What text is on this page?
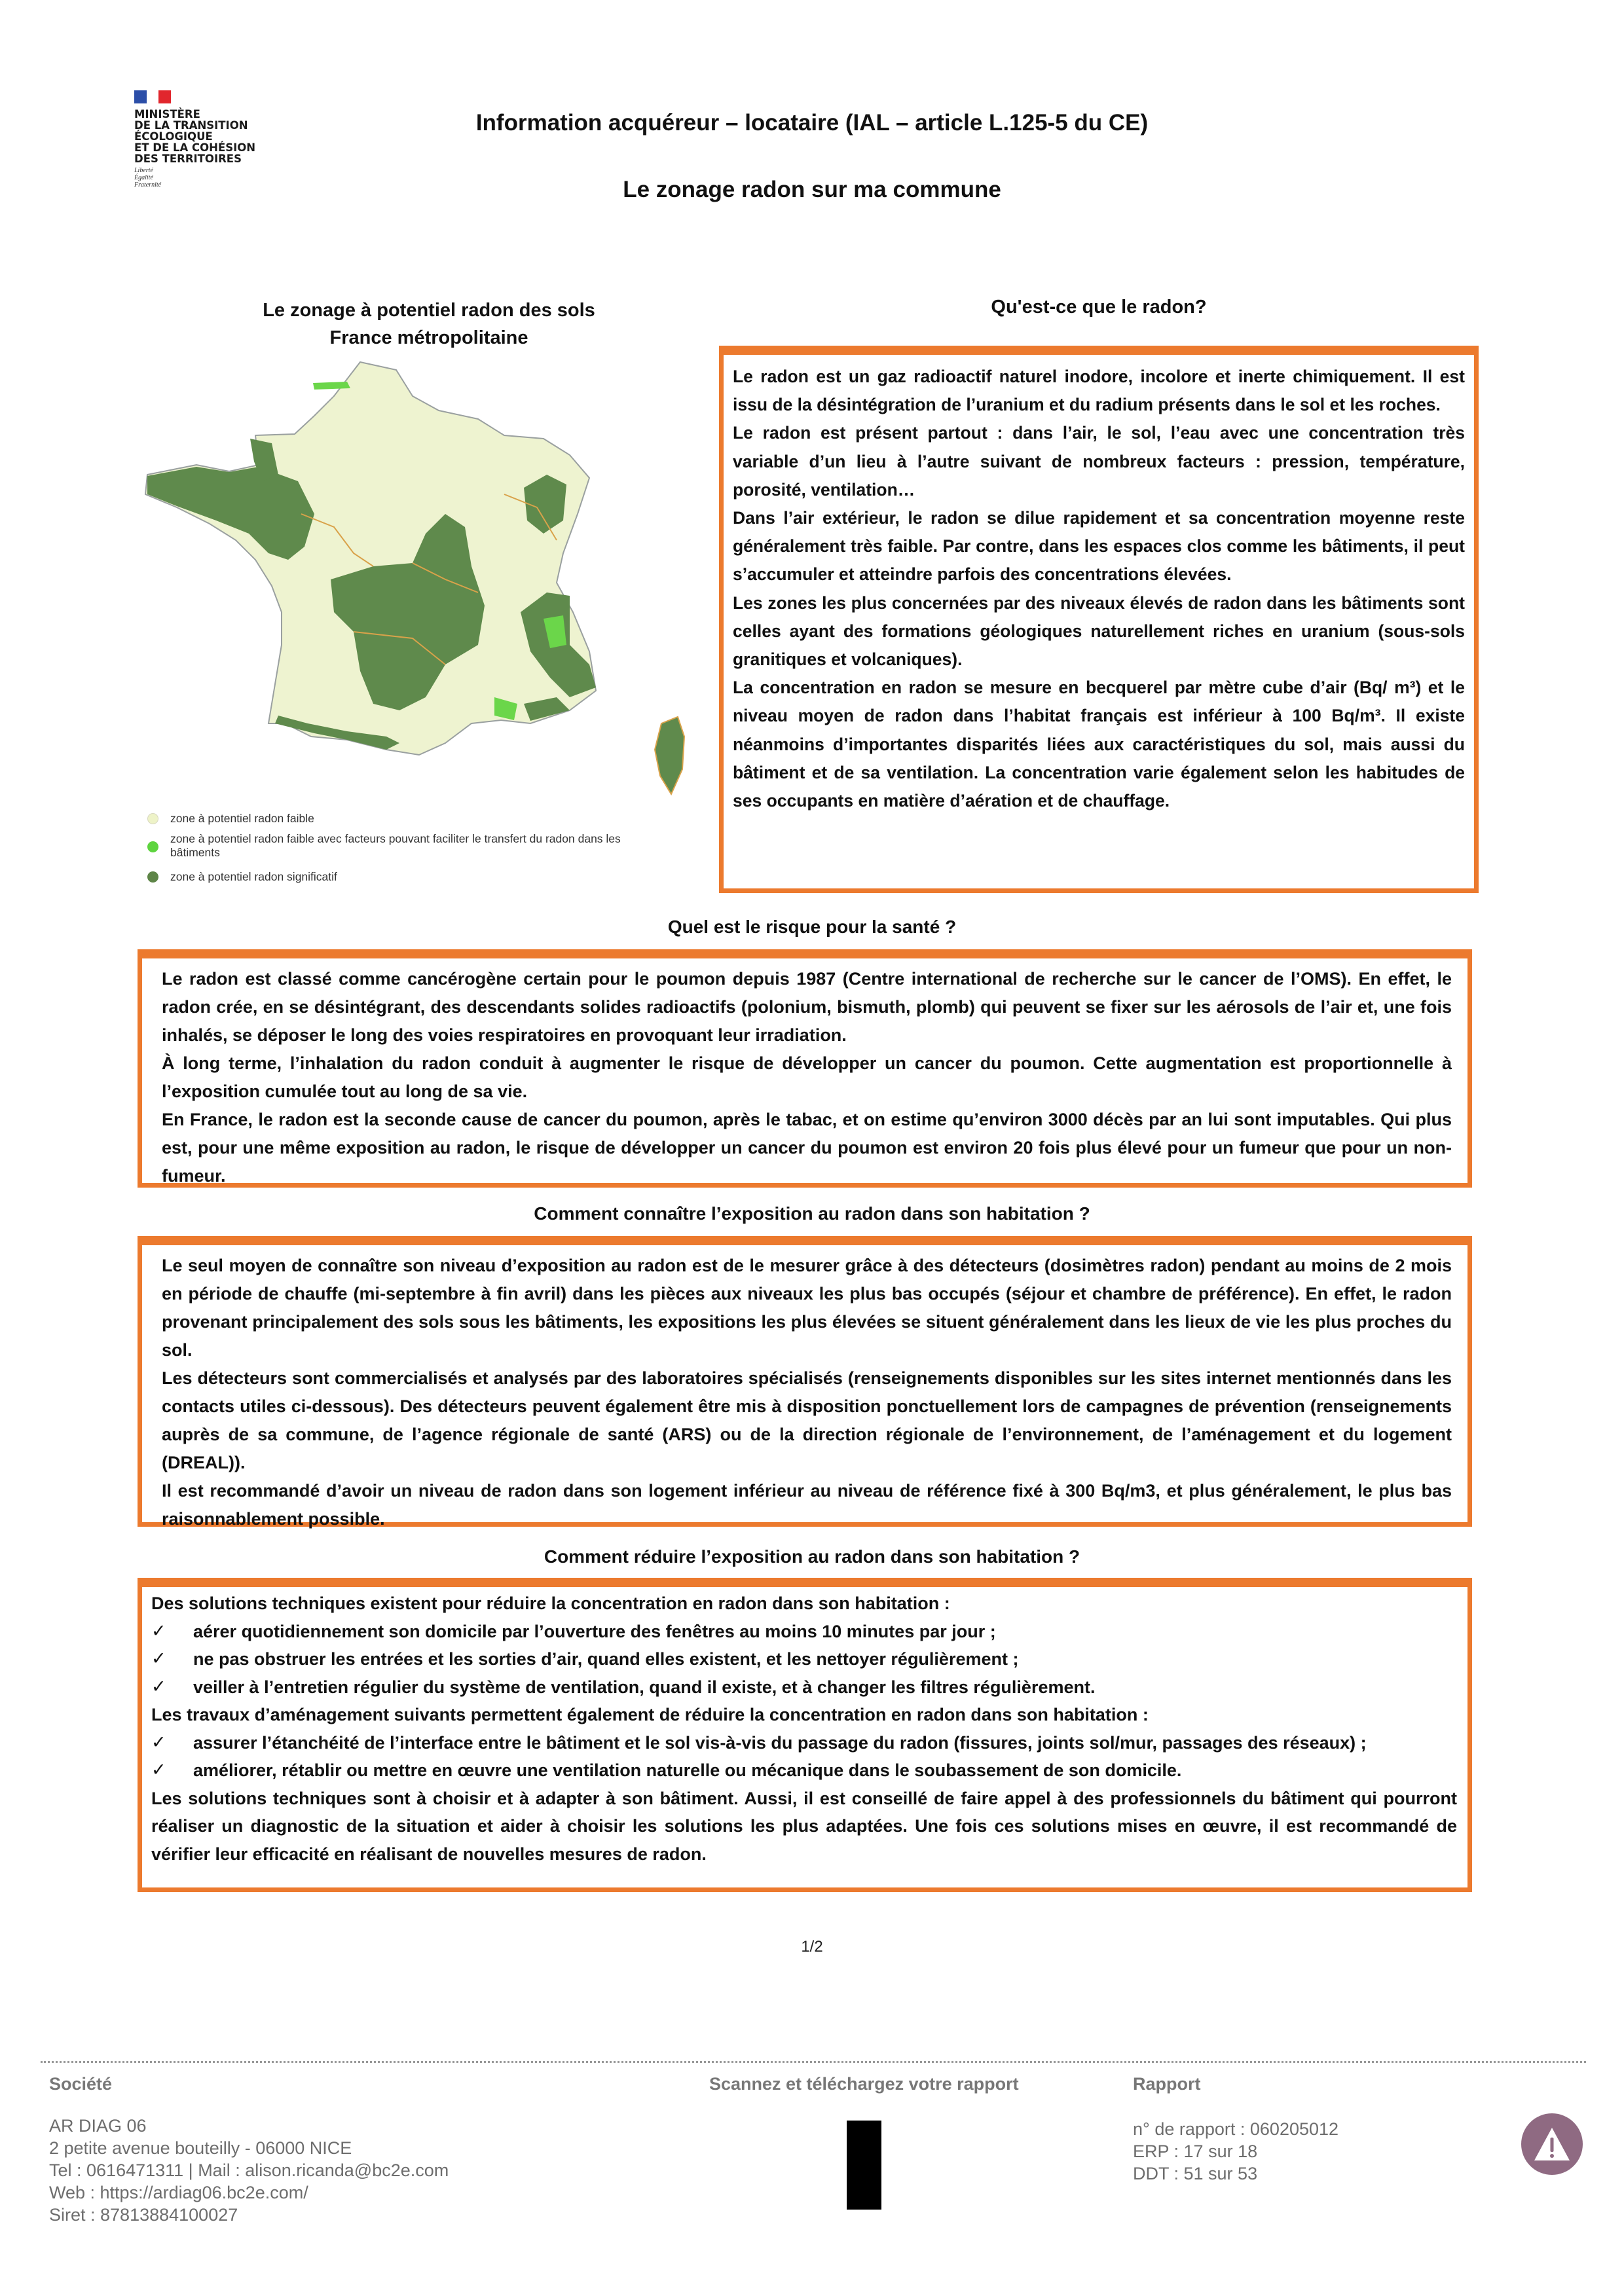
MINISTÈRE
DE LA TRANSITION
ÉCOLOGIQUE
ET DE LA COHÉSION
DES TERRITOIRES
Liberté
Égalité
Fraternité
Information acquéreur – locataire (IAL – article L.125-5 du CE)
Le zonage radon sur ma commune
Le zonage à potentiel radon des sols
France métropolitaine
zone à potentiel radon faible
zone à potentiel radon faible avec facteurs pouvant faciliter le transfert du radon dans les bâtiments
zone à potentiel radon significatif
Qu'est-ce que le radon?

Le radon est un gaz radioactif naturel inodore, incolore et inerte chimiquement. Il est issu de la désintégration de l’uranium et du radium présents dans le sol et les roches.

Le radon est présent partout : dans l’air, le sol, l’eau avec une concentration très variable d’un lieu à l’autre suivant de nombreux facteurs : pression, température, porosité, ventilation…

Dans l’air extérieur, le radon se dilue rapidement et sa concentration moyenne reste généralement très faible. Par contre, dans les espaces clos comme les bâtiments, il peut s’accumuler et atteindre parfois des concentrations élevées.

Les zones les plus concernées par des niveaux élevés de radon dans les bâtiments sont celles ayant des formations géologiques naturellement riches en uranium (sous-sols granitiques et volcaniques).

La concentration en radon se mesure en becquerel par mètre cube d’air (Bq/ m³) et le niveau moyen de radon dans l’habitat français est inférieur à 100 Bq/m³. Il existe néanmoins d’importantes disparités liées aux caractéristiques du sol, mais aussi du bâtiment et de sa ventilation. La concentration varie également selon les habitudes de ses occupants en matière d’aération et de chauffage.

Quel est le risque pour la santé ?

Le radon est classé comme cancérogène certain pour le poumon depuis 1987 (Centre international de recherche sur le cancer de l’OMS). En effet, le radon crée, en se désintégrant, des descendants solides radioactifs (polonium, bismuth, plomb) qui peuvent se fixer sur les aérosols de l’air et, une fois inhalés, se déposer le long des voies respiratoires en provoquant leur irradiation.

À long terme, l’inhalation du radon conduit à augmenter le risque de développer un cancer du poumon. Cette augmentation est proportionnelle à l’exposition cumulée tout au long de sa vie.

En France, le radon est la seconde cause de cancer du poumon, après le tabac, et on estime qu’environ 3000 décès par an lui sont imputables. Qui plus est, pour une même exposition au radon, le risque de développer un cancer du poumon est environ 20 fois plus élevé pour un fumeur que pour un non-fumeur.

Comment connaître l’exposition au radon dans son habitation ?

Le seul moyen de connaître son niveau d’exposition au radon est de le mesurer grâce à des détecteurs (dosimètres radon) pendant au moins de 2 mois en période de chauffe (mi-septembre à fin avril) dans les pièces aux niveaux les plus bas occupés (séjour et chambre de préférence). En effet, le radon provenant principalement des sols sous les bâtiments, les expositions les plus élevées se situent généralement dans les lieux de vie les plus proches du sol.

Les détecteurs sont commercialisés et analysés par des laboratoires spécialisés (renseignements disponibles sur les sites internet mentionnés dans les contacts utiles ci-dessous). Des détecteurs peuvent également être mis à disposition ponctuellement lors de campagnes de prévention (renseignements auprès de sa commune, de l’agence régionale de santé (ARS) ou de la direction régionale de l’environnement, de l’aménagement et du logement (DREAL)).

Il est recommandé d’avoir un niveau de radon dans son logement inférieur au niveau de référence fixé à 300 Bq/m3, et plus généralement, le plus bas raisonnablement possible.

Comment réduire l’exposition au radon dans son habitation ?

Des solutions techniques existent pour réduire la concentration en radon dans son habitation :

✓	aérer quotidiennement son domicile par l’ouverture des fenêtres au moins 10 minutes par jour ;
✓	ne pas obstruer les entrées et les sorties d’air, quand elles existent, et les nettoyer régulièrement ;
✓	veiller à l’entretien régulier du système de ventilation, quand il existe, et à changer les filtres régulièrement.

Les travaux d’aménagement suivants permettent également de réduire la concentration en radon dans son habitation :

✓	assurer l’étanchéité de l’interface entre le bâtiment et le sol vis-à-vis du passage du radon (fissures, joints sol/mur, passages des réseaux) ;
✓	améliorer, rétablir ou mettre en œuvre une ventilation naturelle ou mécanique dans le soubassement de son domicile.

Les solutions techniques sont à choisir et à adapter à son bâtiment. Aussi, il est conseillé de faire appel à des professionnels du bâtiment qui pourront réaliser un diagnostic de la situation et aider à choisir les solutions les plus adaptées. Une fois ces solutions mises en œuvre, il est recommandé de vérifier leur efficacité en réalisant de nouvelles mesures de radon.

1/2
Société	Scannez et téléchargez votre rapport	Rapport
AR DIAG 06
2 petite avenue bouteilly - 06000 NICE
Tel : 0616471311 | Mail : alison.ricanda@bc2e.com
Web : https://ardiag06.bc2e.com/
Siret : 87813884100027
n° de rapport : 060205012
ERP : 17 sur 18
DDT : 51 sur 53
